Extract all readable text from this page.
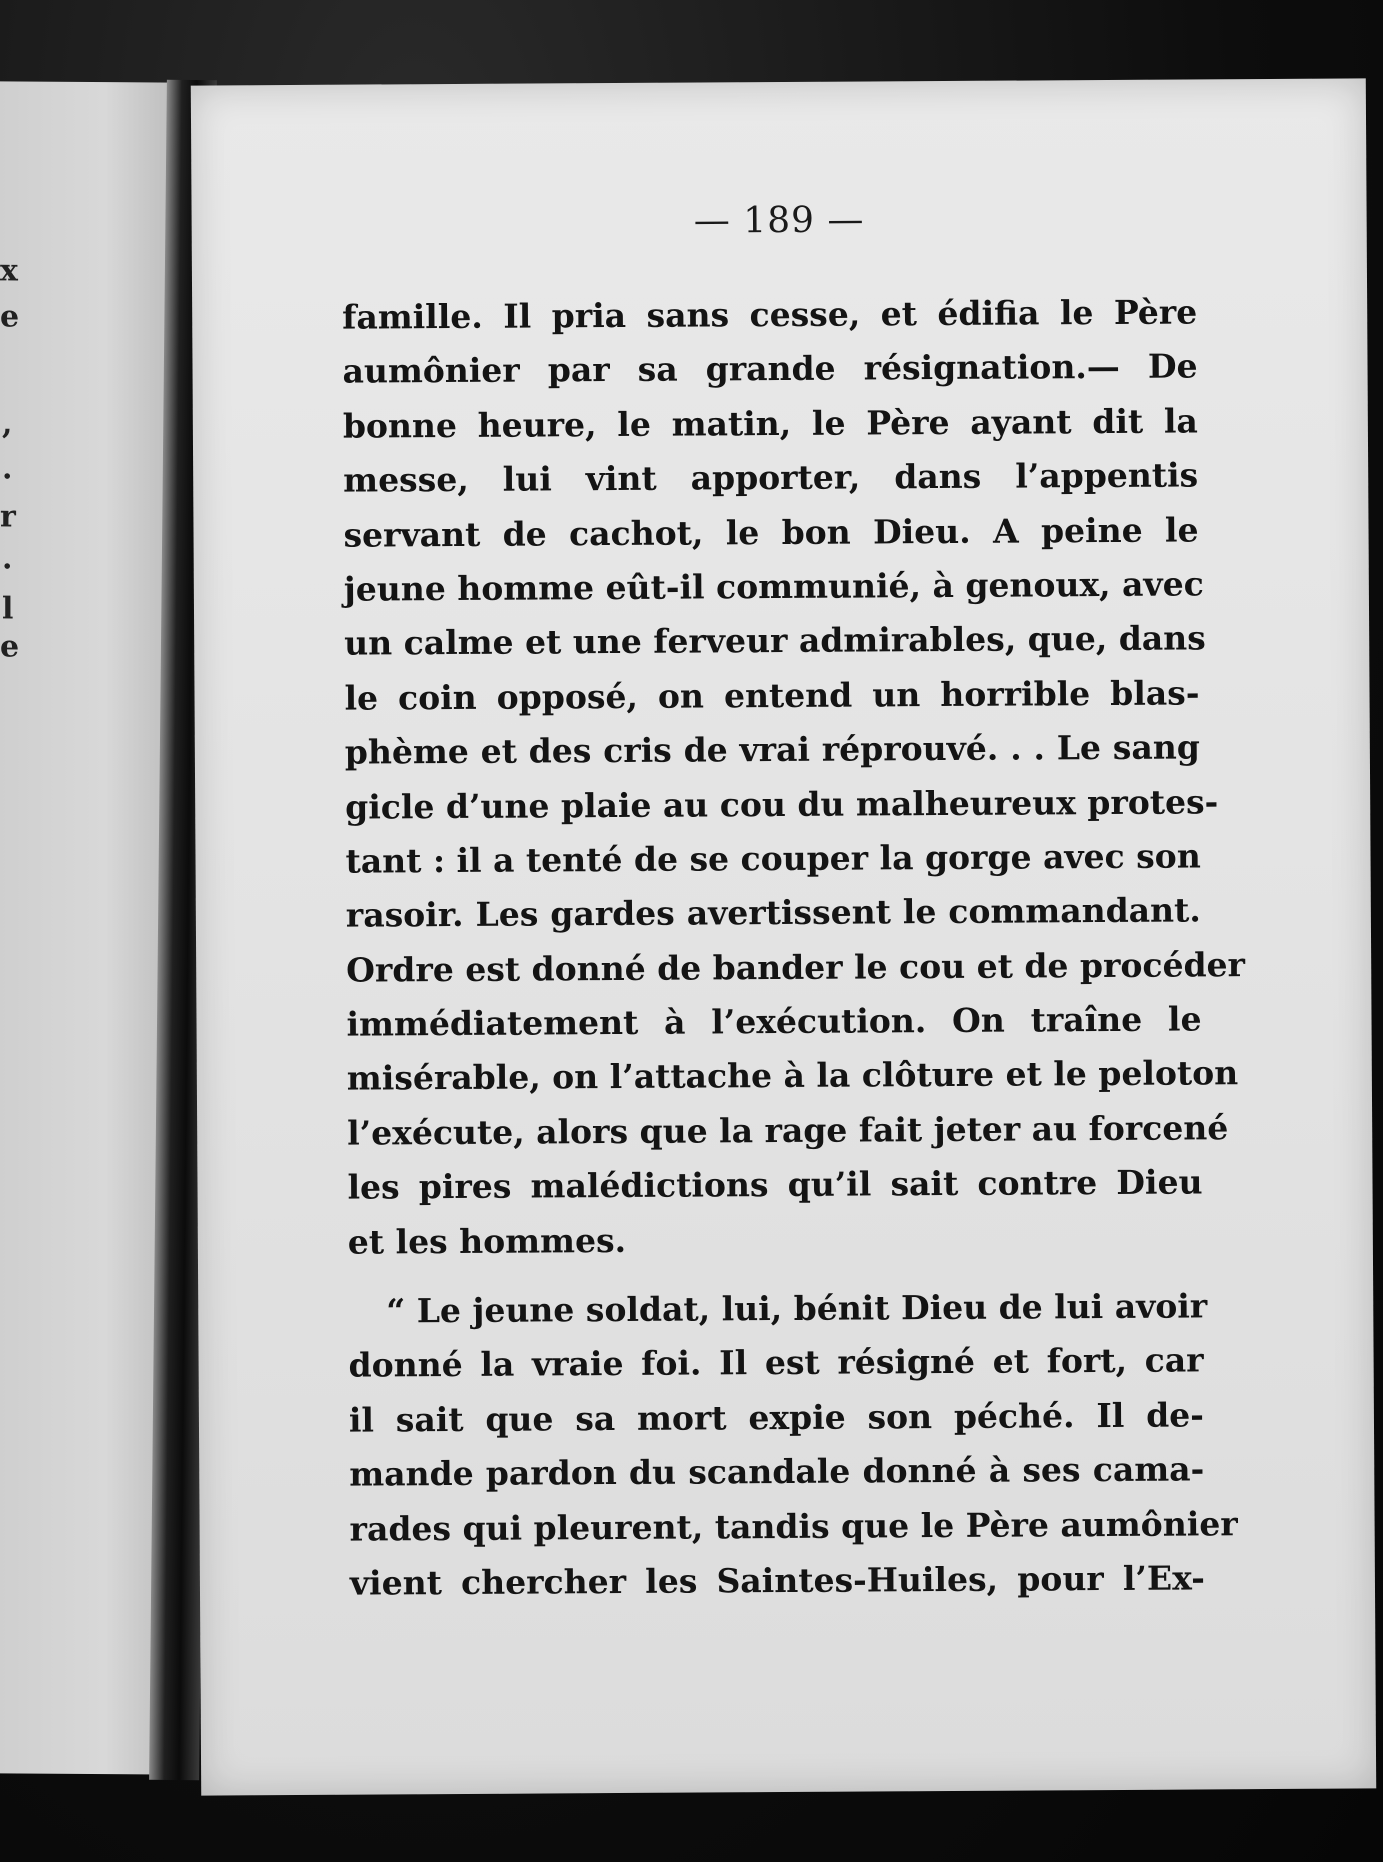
x
e
,
.
r
.
l
e
— 189 —
famille. Il pria sans cesse, et édifia le Père
aumônier par sa grande résignation.— De
bonne heure, le matin, le Père ayant dit la
messe, lui vint apporter, dans l’appentis
servant de cachot, le bon Dieu. A peine le
jeune homme eût-il communié, à genoux, avec
un calme et une ferveur admirables, que, dans
le coin opposé, on entend un horrible blas-
phème et des cris de vrai réprouvé. . . Le sang
gicle d’une plaie au cou du malheureux protes-
tant : il a tenté de se couper la gorge avec son
rasoir. Les gardes avertissent le commandant.
Ordre est donné de bander le cou et de procéder
immédiatement à l’exécution. On traîne le
misérable, on l’attache à la clôture et le peloton
l’exécute, alors que la rage fait jeter au forcené
les pires malédictions qu’il sait contre Dieu
et les hommes.
“ Le jeune soldat, lui, bénit Dieu de lui avoir
donné la vraie foi. Il est résigné et fort, car
il sait que sa mort expie son péché. Il de-
mande pardon du scandale donné à ses cama-
rades qui pleurent, tandis que le Père aumônier
vient chercher les Saintes-Huiles, pour l’Ex-
